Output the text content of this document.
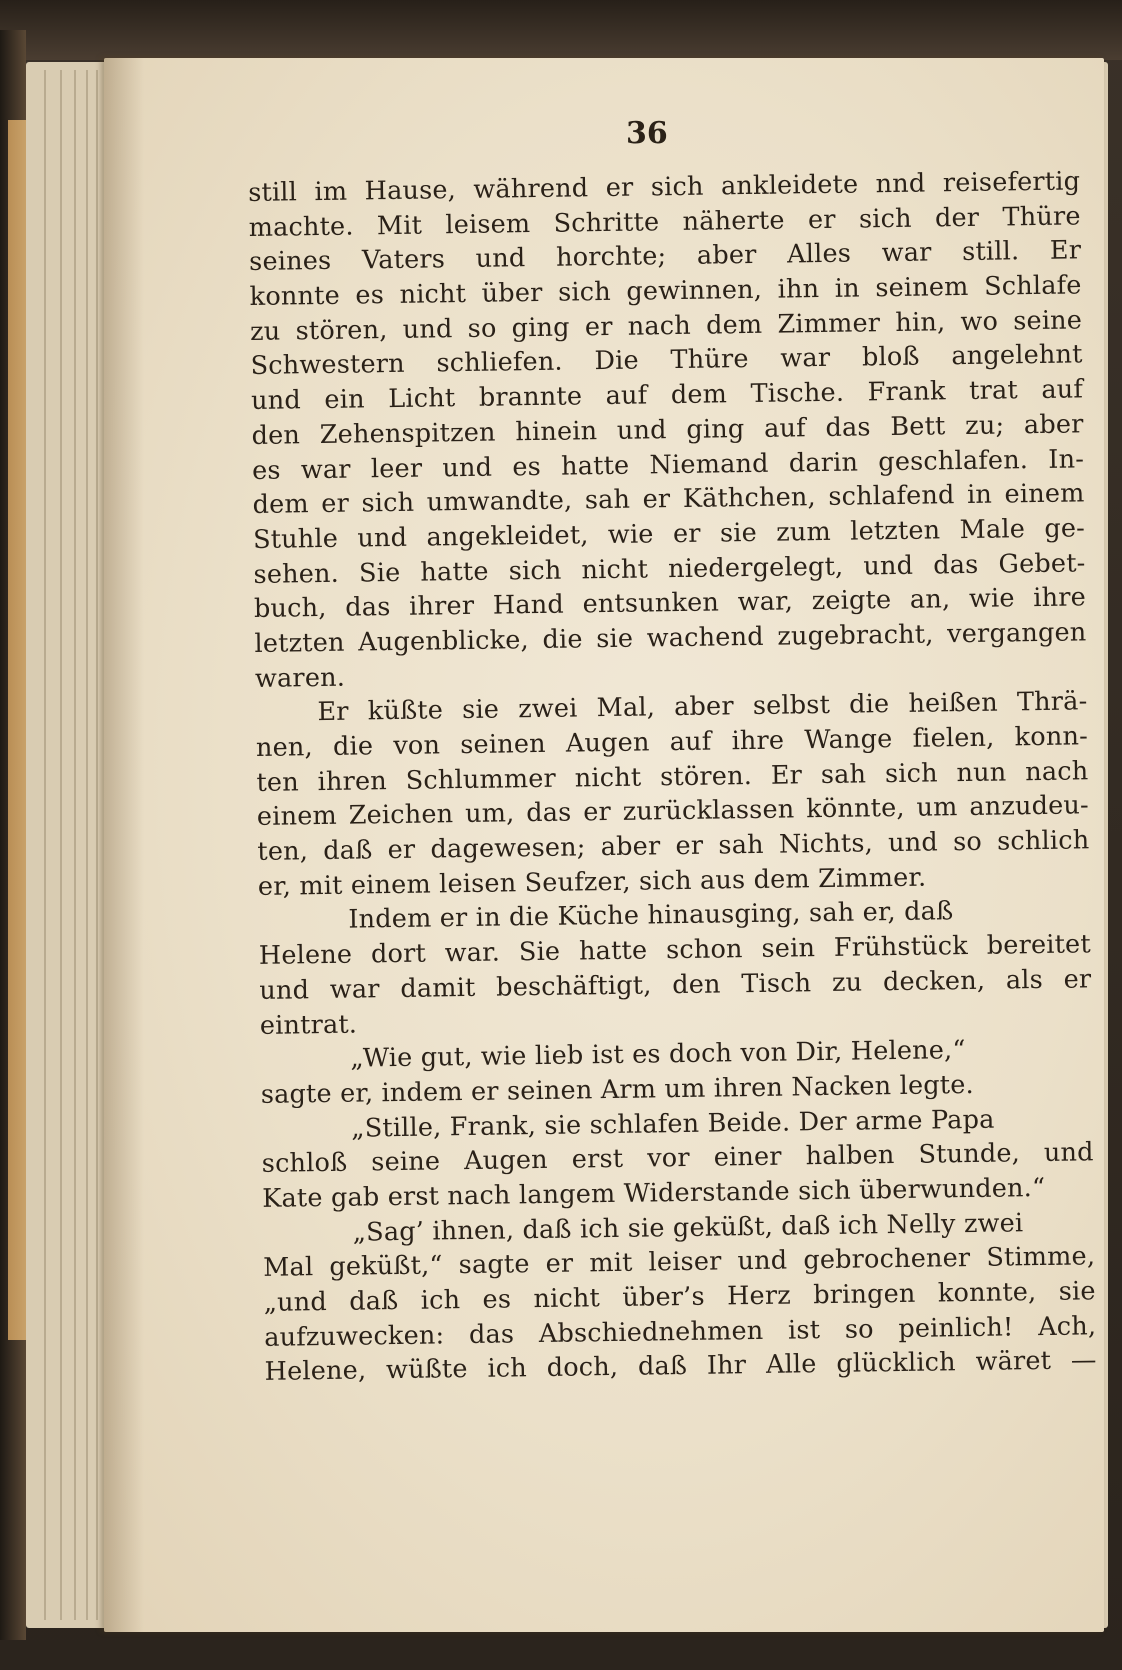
36
still im Hause, während er sich ankleidete nnd reisefertig
machte. Mit leisem Schritte näherte er sich der Thüre
seines Vaters und horchte; aber Alles war still. Er
konnte es nicht über sich gewinnen, ihn in seinem Schlafe
zu stören, und so ging er nach dem Zimmer hin, wo seine
Schwestern schliefen. Die Thüre war bloß angelehnt
und ein Licht brannte auf dem Tische. Frank trat auf
den Zehenspitzen hinein und ging auf das Bett zu; aber
es war leer und es hatte Niemand darin geschlafen. In-
dem er sich umwandte, sah er Käthchen, schlafend in einem
Stuhle und angekleidet, wie er sie zum letzten Male ge-
sehen. Sie hatte sich nicht niedergelegt, und das Gebet-
buch, das ihrer Hand entsunken war, zeigte an, wie ihre
letzten Augenblicke, die sie wachend zugebracht, vergangen
waren.
Er küßte sie zwei Mal, aber selbst die heißen Thrä-
nen, die von seinen Augen auf ihre Wange fielen, konn-
ten ihren Schlummer nicht stören. Er sah sich nun nach
einem Zeichen um, das er zurücklassen könnte, um anzudeu-
ten, daß er dagewesen; aber er sah Nichts, und so schlich
er, mit einem leisen Seufzer, sich aus dem Zimmer.
Indem er in die Küche hinausging, sah er, daß
Helene dort war. Sie hatte schon sein Frühstück bereitet
und war damit beschäftigt, den Tisch zu decken, als er
eintrat.
„Wie gut, wie lieb ist es doch von Dir, Helene,“
sagte er, indem er seinen Arm um ihren Nacken legte.
„Stille, Frank, sie schlafen Beide. Der arme Papa
schloß seine Augen erst vor einer halben Stunde, und
Kate gab erst nach langem Widerstande sich überwunden.“
„Sag’ ihnen, daß ich sie geküßt, daß ich Nelly zwei
Mal geküßt,“ sagte er mit leiser und gebrochener Stimme,
„und daß ich es nicht über’s Herz bringen konnte, sie
aufzuwecken: das Abschiednehmen ist so peinlich! Ach,
Helene, wüßte ich doch, daß Ihr Alle glücklich wäret —
